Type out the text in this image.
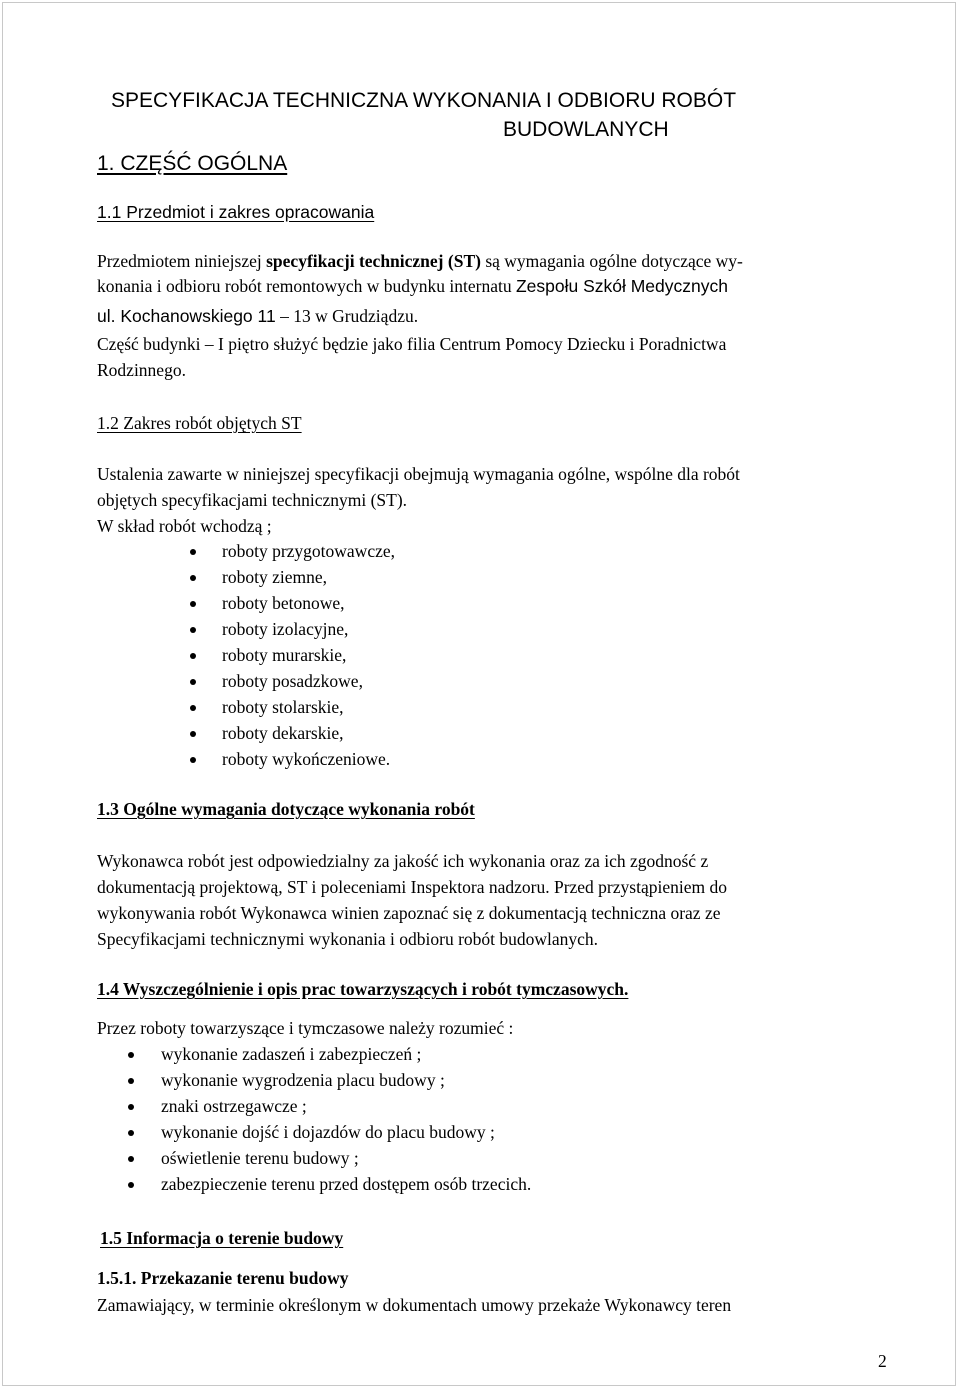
SPECYFIKACJA TECHNICZNA WYKONANIA I ODBIORU ROBÓT
BUDOWLANYCH
1. CZĘŚĆ OGÓLNA
1.1 Przedmiot i zakres opracowania
Przedmiotem niniejszej specyfikacji technicznej (ST) są wymagania ogólne dotyczące wy-
konania i odbioru robót remontowych w budynku internatu Zespołu Szkół Medycznych
ul. Kochanowskiego 11 – 13 w Grudziądzu.
Część budynki – I piętro służyć będzie jako filia Centrum Pomocy Dziecku i Poradnictwa
Rodzinnego.
1.2 Zakres robót objętych ST
Ustalenia zawarte w niniejszej specyfikacji obejmują wymagania ogólne, wspólne dla robót
objętych specyfikacjami technicznymi (ST).
W skład robót wchodzą ;
roboty przygotowawcze,
roboty ziemne,
roboty betonowe,
roboty izolacyjne,
roboty murarskie,
roboty posadzkowe,
roboty stolarskie,
roboty dekarskie,
roboty wykończeniowe.
1.3 Ogólne wymagania dotyczące wykonania robót
Wykonawca robót jest odpowiedzialny za jakość ich wykonania oraz za ich zgodność z
dokumentacją projektową, ST i poleceniami Inspektora nadzoru. Przed przystąpieniem do
wykonywania robót Wykonawca winien zapoznać się z dokumentacją techniczna oraz ze
Specyfikacjami technicznymi wykonania i odbioru robót budowlanych.
1.4 Wyszczególnienie i opis prac towarzyszących i robót tymczasowych.
Przez roboty towarzyszące i tymczasowe należy rozumieć :
wykonanie zadaszeń i zabezpieczeń ;
wykonanie wygrodzenia placu budowy ;
znaki ostrzegawcze ;
wykonanie dojść i dojazdów do placu budowy ;
oświetlenie terenu budowy ;
zabezpieczenie terenu przed dostępem osób trzecich.
1.5 Informacja o terenie budowy
1.5.1. Przekazanie terenu budowy
Zamawiający, w terminie określonym w dokumentach umowy przekaże Wykonawcy teren
2
